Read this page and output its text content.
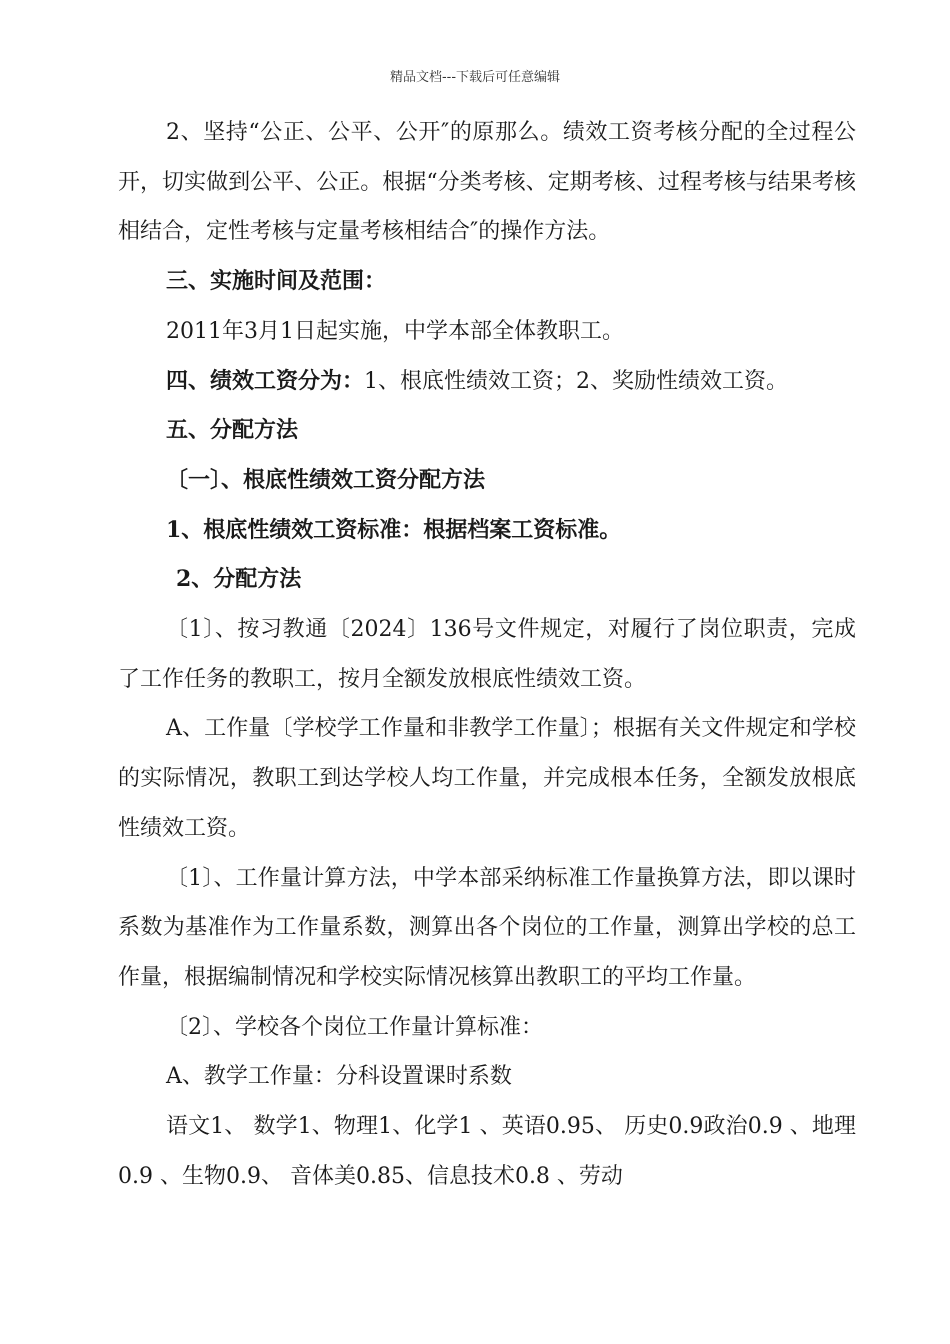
精品文档---下载后可任意编辑

2、坚持“公正、公平、公开″的原那么。绩效工资考核分配的全过程公开，切实做到公平、公正。根据“分类考核、定期考核、过程考核与结果考核相结合，定性考核与定量考核相结合″的操作方法。

三、实施时间及范围：

2011年3月1日起实施，中学本部全体教职工。

四、绩效工资分为：1、根底性绩效工资；2、奖励性绩效工资。

五、分配方法

〔一〕、根底性绩效工资分配方法

1、根底性绩效工资标准：根据档案工资标准。

2、分配方法

〔1〕、按习教通〔2024〕136号文件规定，对履行了岗位职责，完成了工作任务的教职工，按月全额发放根底性绩效工资。

A、工作量〔学校学工作量和非教学工作量〕；根据有关文件规定和学校的实际情况，教职工到达学校人均工作量，并完成根本任务，全额发放根底性绩效工资。

〔1〕、工作量计算方法，中学本部采纳标准工作量换算方法，即以课时系数为基准作为工作量系数，测算出各个岗位的工作量，测算出学校的总工作量，根据编制情况和学校实际情况核算出教职工的平均工作量。

〔2〕、学校各个岗位工作量计算标准：

A、教学工作量：分科设置课时系数

语文1、 数学1、物理1、化学1 、英语0.95、 历史0.9政治0.9 、地理0.9 、生物0.9、 音体美0.85、信息技术0.8 、劳动
